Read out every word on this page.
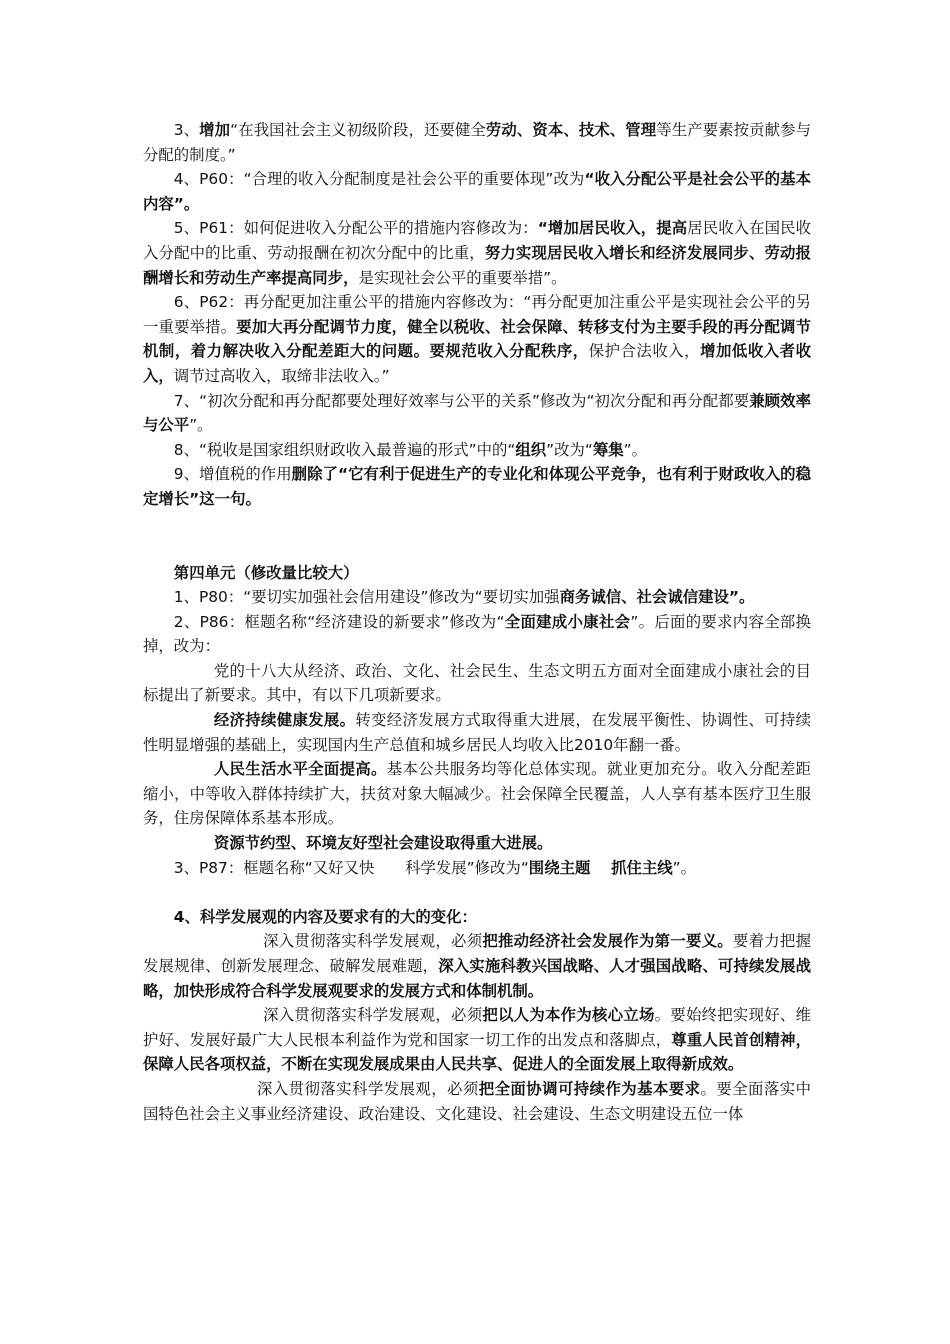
3、增加“在我国社会主义初级阶段，还要健全劳动、资本、技术、管理等生产要素按贡献参与分配的制度。”

4、P60：“合理的收入分配制度是社会公平的重要体现”改为“收入分配公平是社会公平的基本内容”。

5、P61：如何促进收入分配公平的措施内容修改为：“增加居民收入，提高居民收入在国民收入分配中的比重、劳动报酬在初次分配中的比重，努力实现居民收入增长和经济发展同步、劳动报酬增长和劳动生产率提高同步，是实现社会公平的重要举措”。

6、P62：再分配更加注重公平的措施内容修改为：“再分配更加注重公平是实现社会公平的另一重要举措。要加大再分配调节力度，健全以税收、社会保障、转移支付为主要手段的再分配调节机制，着力解决收入分配差距大的问题。要规范收入分配秩序，保护合法收入，增加低收入者收入，调节过高收入，取缔非法收入。”

7、“初次分配和再分配都要处理好效率与公平的关系”修改为“初次分配和再分配都要兼顾效率与公平”。

8、“税收是国家组织财政收入最普遍的形式”中的“组织”改为“筹集”。

9、增值税的作用删除了“它有利于促进生产的专业化和体现公平竞争，也有利于财政收入的稳定增长”这一句。

第四单元（修改量比较大）

1、P80：“要切实加强社会信用建设”修改为“要切实加强商务诚信、社会诚信建设”。

2、P86：框题名称“经济建设的新要求”修改为“全面建成小康社会”。后面的要求内容全部换掉，改为：

党的十八大从经济、政治、文化、社会民生、生态文明五方面对全面建成小康社会的目标提出了新要求。其中，有以下几项新要求。

经济持续健康发展。转变经济发展方式取得重大进展，在发展平衡性、协调性、可持续性明显增强的基础上，实现国内生产总值和城乡居民人均收入比2010年翻一番。

人民生活水平全面提高。基本公共服务均等化总体实现。就业更加充分。收入分配差距缩小，中等收入群体持续扩大，扶贫对象大幅减少。社会保障全民覆盖，人人享有基本医疗卫生服务，住房保障体系基本形成。

资源节约型、环境友好型社会建设取得重大进展。

3、P87：框题名称“又好又快　　科学发展”修改为“围绕主题　 抓住主线”。

4、科学发展观的内容及要求有的大的变化：

深入贯彻落实科学发展观，必须把推动经济社会发展作为第一要义。要着力把握发展规律、创新发展理念、破解发展难题，深入实施科教兴国战略、人才强国战略、可持续发展战略，加快形成符合科学发展观要求的发展方式和体制机制。

深入贯彻落实科学发展观，必须把以人为本作为核心立场。要始终把实现好、维护好、发展好最广大人民根本利益作为党和国家一切工作的出发点和落脚点，尊重人民首创精神，保障人民各项权益，不断在实现发展成果由人民共享、促进人的全面发展上取得新成效。

深入贯彻落实科学发展观，必须把全面协调可持续作为基本要求。要全面落实中国特色社会主义事业经济建设、政治建设、文化建设、社会建设、生态文明建设五位一体
